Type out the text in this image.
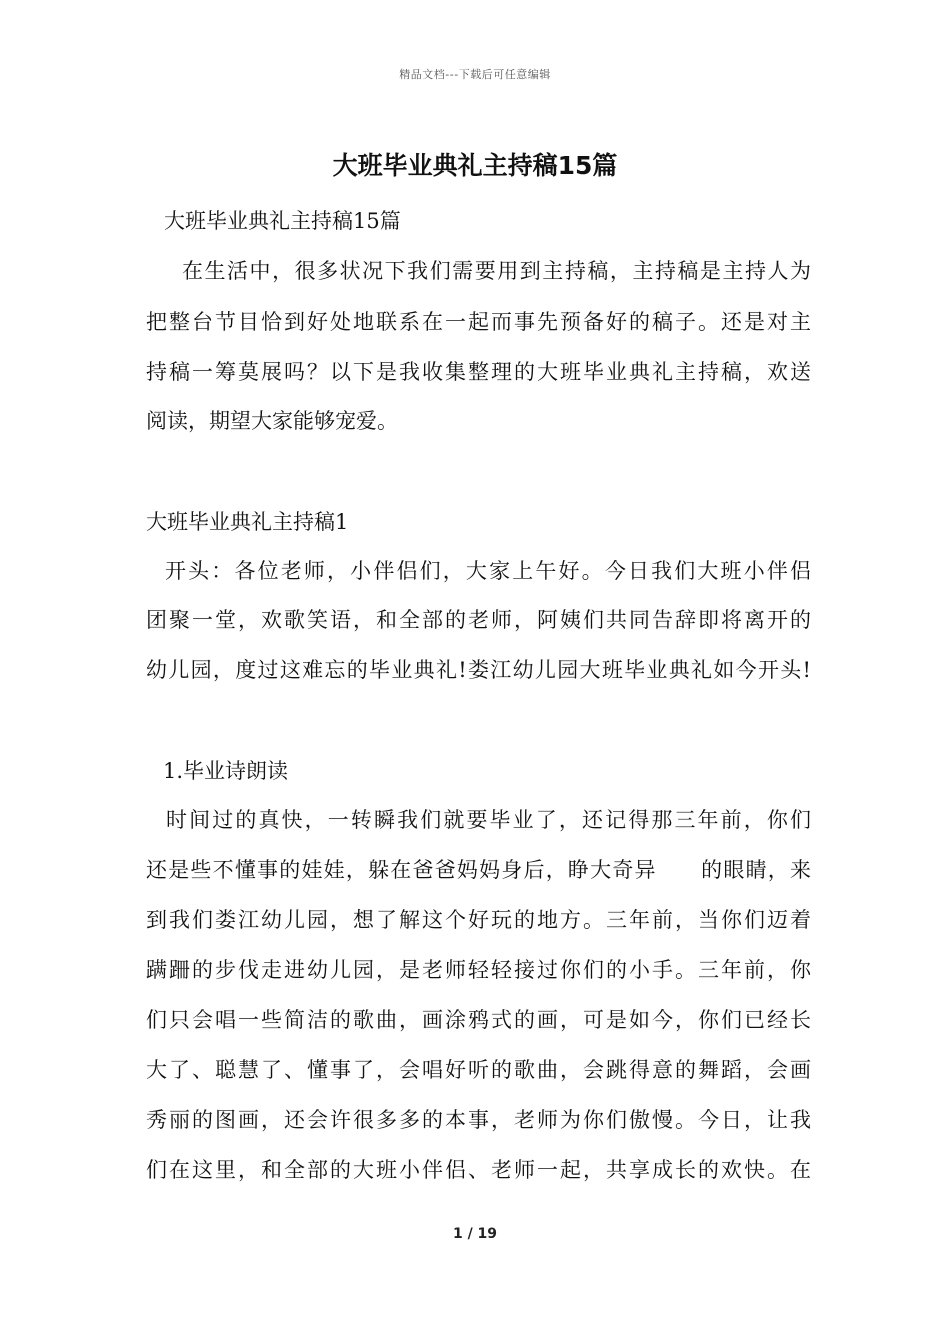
精品文档---下载后可任意编辑
大班毕业典礼主持稿15篇

大班毕业典礼主持稿15篇

在生活中，很多状况下我们需要用到主持稿，主持稿是主持人为

把整台节目恰到好处地联系在一起而事先预备好的稿子。还是对主

持稿一筹莫展吗？以下是我收集整理的大班毕业典礼主持稿，欢送

阅读，期望大家能够宠爱。

大班毕业典礼主持稿1

开头：各位老师，小伴侣们，大家上午好。今日我们大班小伴侣

团聚一堂，欢歌笑语，和全部的老师，阿姨们共同告辞即将离开的

幼儿园，度过这难忘的毕业典礼!娄江幼儿园大班毕业典礼如今开头!

1.毕业诗朗读

时间过的真快，一转瞬我们就要毕业了，还记得那三年前，你们

还是些不懂事的娃娃，躲在爸爸妈妈身后，睁大奇异　　的眼睛，来

到我们娄江幼儿园，想了解这个好玩的地方。三年前，当你们迈着

蹒跚的步伐走进幼儿园，是老师轻轻接过你们的小手。三年前，你

们只会唱一些简洁的歌曲，画涂鸦式的画，可是如今，你们已经长

大了、聪慧了、懂事了，会唱好听的歌曲，会跳得意的舞蹈，会画

秀丽的图画，还会许很多多的本事，老师为你们傲慢。今日，让我

们在这里，和全部的大班小伴侣、老师一起，共享成长的欢快。在

1 / 19
